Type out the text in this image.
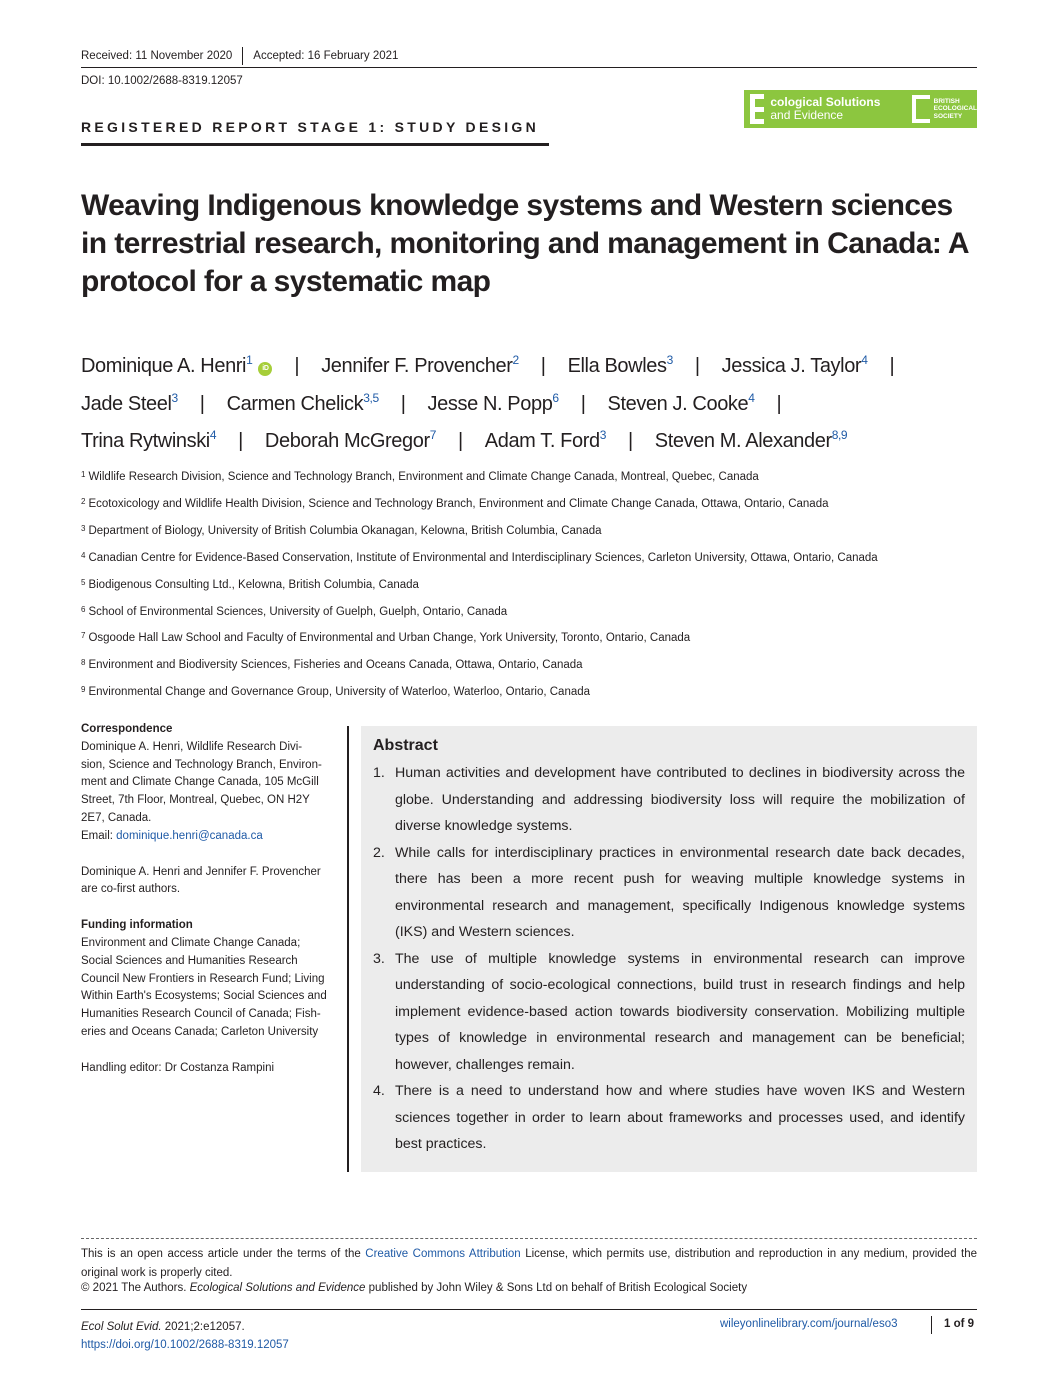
Received: 11 November 2020 Accepted: 16 February 2021
DOI: 10.1002/2688-8319.12057
cological Solutions
and Evidence
BRITISH
ECOLOGICAL
SOCIETY
REGISTERED REPORT STAGE 1: STUDY DESIGN
Weaving Indigenous knowledge systems and Western sciences in terrestrial research, monitoring and management in Canada: A protocol for a systematic map
Dominique A. Henri$^1$iD | Jennifer F. Provencher$^2$ | Ella Bowles$^3$ | Jessica J. Taylor$^4$ |
Jade Steel$^3$ | Carmen Chelick$^{3,5}$ | Jesse N. Popp$^6$ | Steven J. Cooke$^4$ |
Trina Rytwinski$^4$ | Deborah McGregor$^7$ | Adam T. Ford$^3$ | Steven M. Alexander$^{8,9}$
$^1$ Wildlife Research Division, Science and Technology Branch, Environment and Climate Change Canada, Montreal, Quebec, Canada
$^2$ Ecotoxicology and Wildlife Health Division, Science and Technology Branch, Environment and Climate Change Canada, Ottawa, Ontario, Canada
$^3$ Department of Biology, University of British Columbia Okanagan, Kelowna, British Columbia, Canada
$^4$ Canadian Centre for Evidence-Based Conservation, Institute of Environmental and Interdisciplinary Sciences, Carleton University, Ottawa, Ontario, Canada
$^5$ Biodigenous Consulting Ltd., Kelowna, British Columbia, Canada
$^6$ School of Environmental Sciences, University of Guelph, Guelph, Ontario, Canada
$^7$ Osgoode Hall Law School and Faculty of Environmental and Urban Change, York University, Toronto, Ontario, Canada
$^8$ Environment and Biodiversity Sciences, Fisheries and Oceans Canada, Ottawa, Ontario, Canada
$^9$ Environmental Change and Governance Group, University of Waterloo, Waterloo, Ontario, Canada
Correspondence
Dominique A. Henri, Wildlife Research Divi-
sion, Science and Technology Branch, Environ-
ment and Climate Change Canada, 105 McGill
Street, 7th Floor, Montreal, Quebec, ON H2Y
2E7, Canada.
Email: dominique.henri@canada.ca
Dominique A. Henri and Jennifer F. Provencher
are co-first authors.
Funding information
Environment and Climate Change Canada;
Social Sciences and Humanities Research
Council New Frontiers in Research Fund; Living
Within Earth's Ecosystems; Social Sciences and
Humanities Research Council of Canada; Fish-
eries and Oceans Canada; Carleton University
Handling editor: Dr Costanza Rampini
Abstract
1. Human activities and development have contributed to declines in biodiversity across the globe. Understanding and addressing biodiversity loss will require the mobilization of diverse knowledge systems.
2. While calls for interdisciplinary practices in environmental research date back decades, there has been a more recent push for weaving multiple knowledge systems in environmental research and management, specifically Indigenous knowledge systems (IKS) and Western sciences.
3. The use of multiple knowledge systems in environmental research can improve understanding of socio-ecological connections, build trust in research findings and help implement evidence-based action towards biodiversity conservation. Mobilizing multiple types of knowledge in environmental research and management can be beneficial; however, challenges remain.
4. There is a need to understand how and where studies have woven IKS and Western sciences together in order to learn about frameworks and processes used, and identify best practices.
This is an open access article under the terms of the Creative Commons Attribution License, which permits use, distribution and reproduction in any medium, provided the original work is properly cited.
© 2021 The Authors. Ecological Solutions and Evidence published by John Wiley & Sons Ltd on behalf of British Ecological Society
Ecol Solut Evid. 2021;2:e12057.
https://doi.org/10.1002/2688-8319.12057
wileyonlinelibrary.com/journal/eso3	1 of 9
